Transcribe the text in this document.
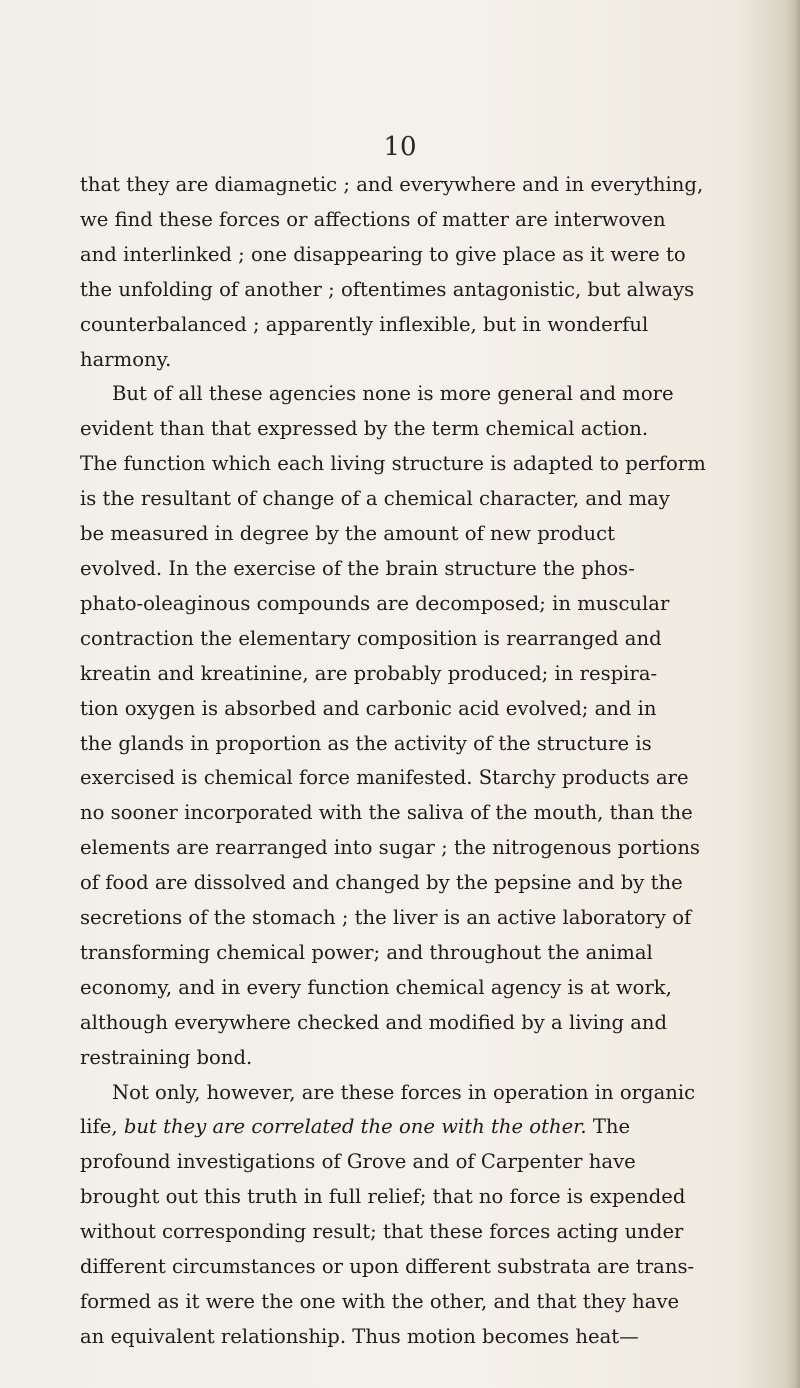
10
that they are diamagnetic ; and everywhere and in everything,
we find these forces or affections of matter are interwoven
and interlinked ; one disappearing to give place as it were to
the unfolding of another ; oftentimes antagonistic, but always
counterbalanced ; apparently inflexible, but in wonderful
harmony.
But of all these agencies none is more general and more
evident than that expressed by the term chemical action.
The function which each living structure is adapted to perform
is the resultant of change of a chemical character, and may
be measured in degree by the amount of new product
evolved. In the exercise of the brain structure the phos-
phato-oleaginous compounds are decomposed; in muscular
contraction the elementary composition is rearranged and
kreatin and kreatinine, are probably produced; in respira-
tion oxygen is absorbed and carbonic acid evolved; and in
the glands in proportion as the activity of the structure is
exercised is chemical force manifested. Starchy products are
no sooner incorporated with the saliva of the mouth, than the
elements are rearranged into sugar ; the nitrogenous portions
of food are dissolved and changed by the pepsine and by the
secretions of the stomach ; the liver is an active laboratory of
transforming chemical power; and throughout the animal
economy, and in every function chemical agency is at work,
although everywhere checked and modified by a living and
restraining bond.
Not only, however, are these forces in operation in organic
life, but they are correlated the one with the other. The
profound investigations of Grove and of Carpenter have
brought out this truth in full relief; that no force is expended
without corresponding result; that these forces acting under
different circumstances or upon different substrata are trans-
formed as it were the one with the other, and that they have
an equivalent relationship. Thus motion becomes heat—
